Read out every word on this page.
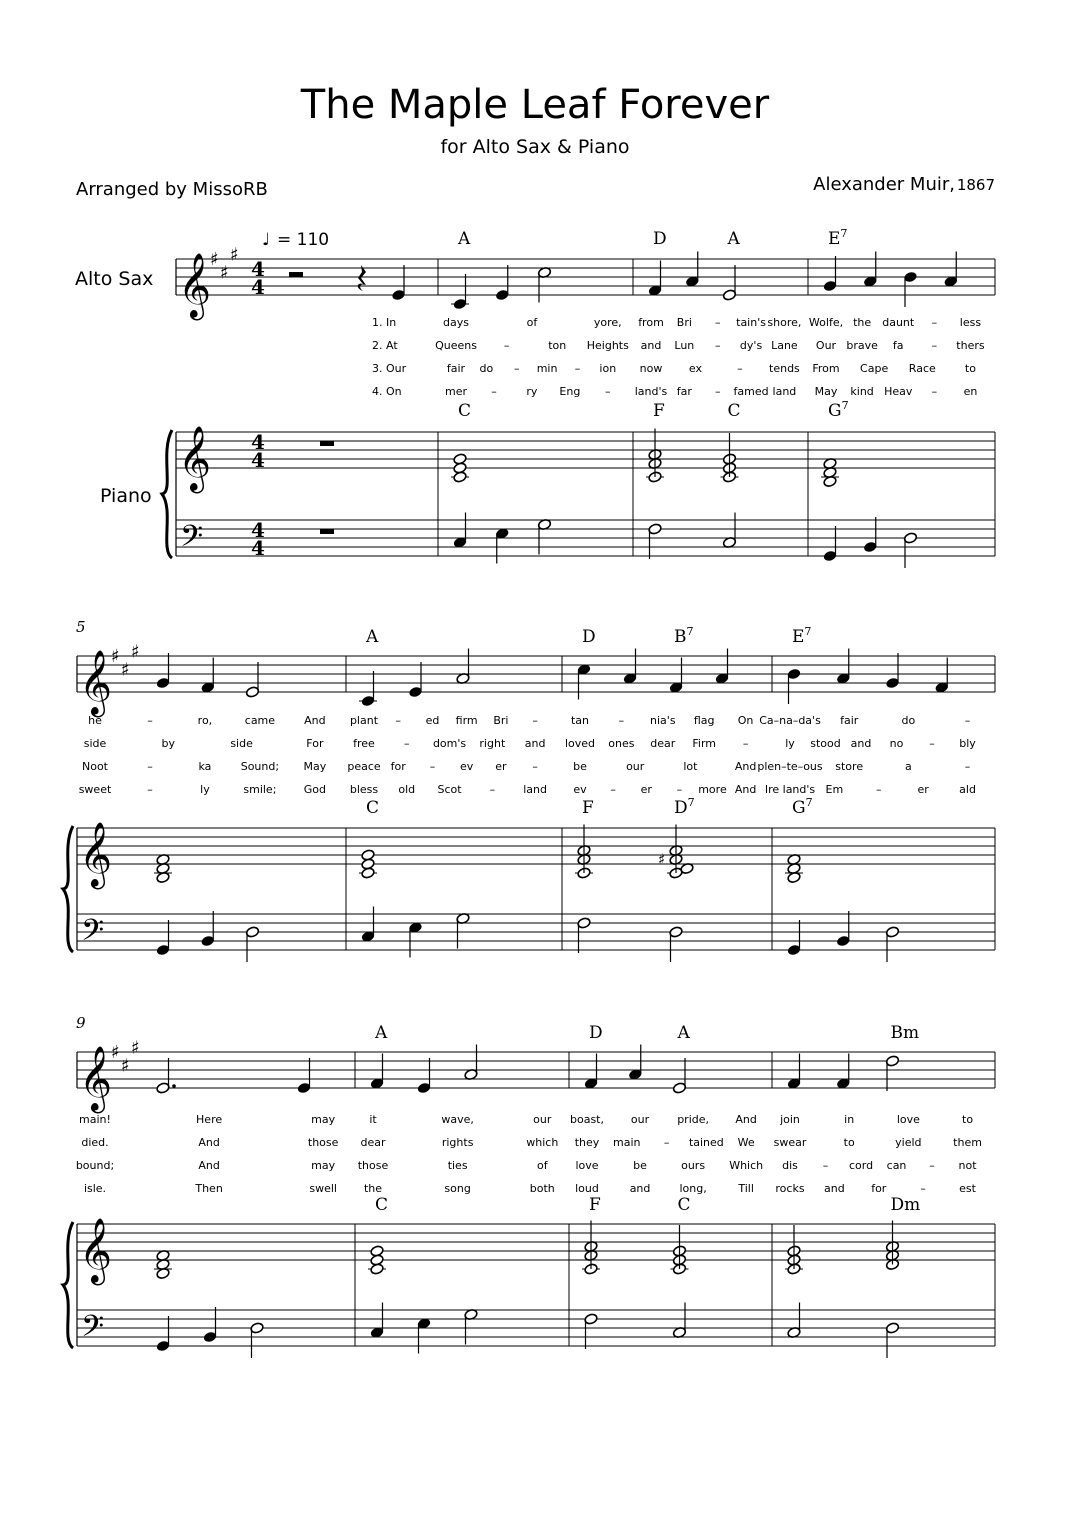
The Maple Leaf Forever
for Alto Sax & Piano
Arranged by MissoRB	Alexander Muir, 1867
Alto Sax
Piano
♩ = 110
5
9
𝄞
♯
♯
♯
𝄞
𝄢
4
4
4
4
4
4
1. In
2. At
3. Our
4. On
A
C
days	of	yore,
Queens –	ton Heights
fair do – min – ion
mer –	ry Eng –
D	A
F	C
from Bri – tain's shore,
and Lun – dy's Lane
now ex	– tends
land's far – famed land
$E^7$
$G^7$
Wolfe, the daunt – less
Our brave fa	– thers
From Cape Race	to
May kind Heav – en
𝄞
♯
♯
♯
𝄞
𝄢
he	–	ro,	came	And
side	by	side	For
Noot	–	ka	Sound; May
sweet	–	ly	smile; God
A
C
plant – ed firm Bri –
free	– dom's right and
peace for – ev er –
bless old Scot	–	land
D	$B^7$
F	$D^7$
♯
tan	– nia's flag On
loved ones dear Firm –
be	our	lot	And
ev – er – more And
$E^7$
$G^7$
Ca–na–da's fair	do	–
ly stood and no – bly
plen–te–ous store	a	–
Ire land's Em	–	er	ald
𝄞
♯
♯
♯
𝄞
𝄢
main!	Here	may
died.	And	those
bound;	And	may
isle.	Then	swell
A
C
it	wave,	our
dear	rights	which
those	ties	of
the	song	both
D	A
F	C
boast, our	pride, And
they main – tained We
love	be	ours Which
loud	and	long,	Till
Bm
Dm
join	in	love	to
swear	to	yield	them
dis – cord can – not
rocks and for	–	est
